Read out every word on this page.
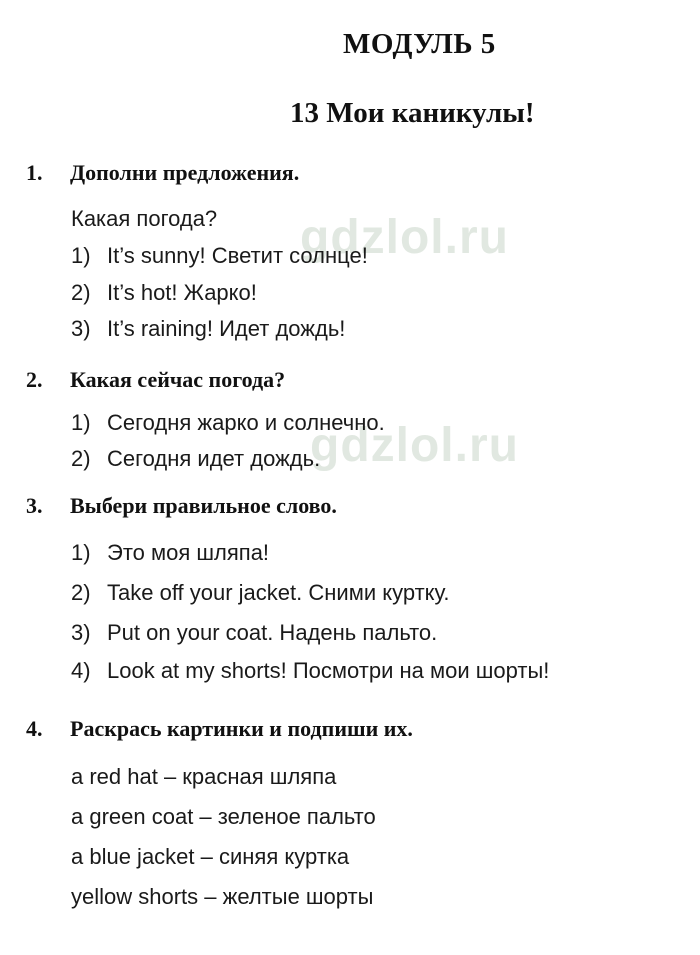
gdzlol.ru
gdzlol.ru
МОДУЛЬ 5
13 Мои каникулы!
1. Дополни предложения.
Какая погода?
1) It’s sunny! Светит солнце!
2) It’s hot! Жарко!
3) It’s raining! Идет дождь!
2. Какая сейчас погода?
1) Сегодня жарко и солнечно.
2) Сегодня идет дождь.
3. Выбери правильное слово.
1) Это моя шляпа!
2) Take off your jacket. Сними куртку.
3) Put on your coat. Надень пальто.
4) Look at my shorts! Посмотри на мои шорты!
4. Раскрась картинки и подпиши их.
a red hat – красная шляпа
a green coat – зеленое пальто
a blue jacket – синяя куртка
yellow shorts – желтые шорты
